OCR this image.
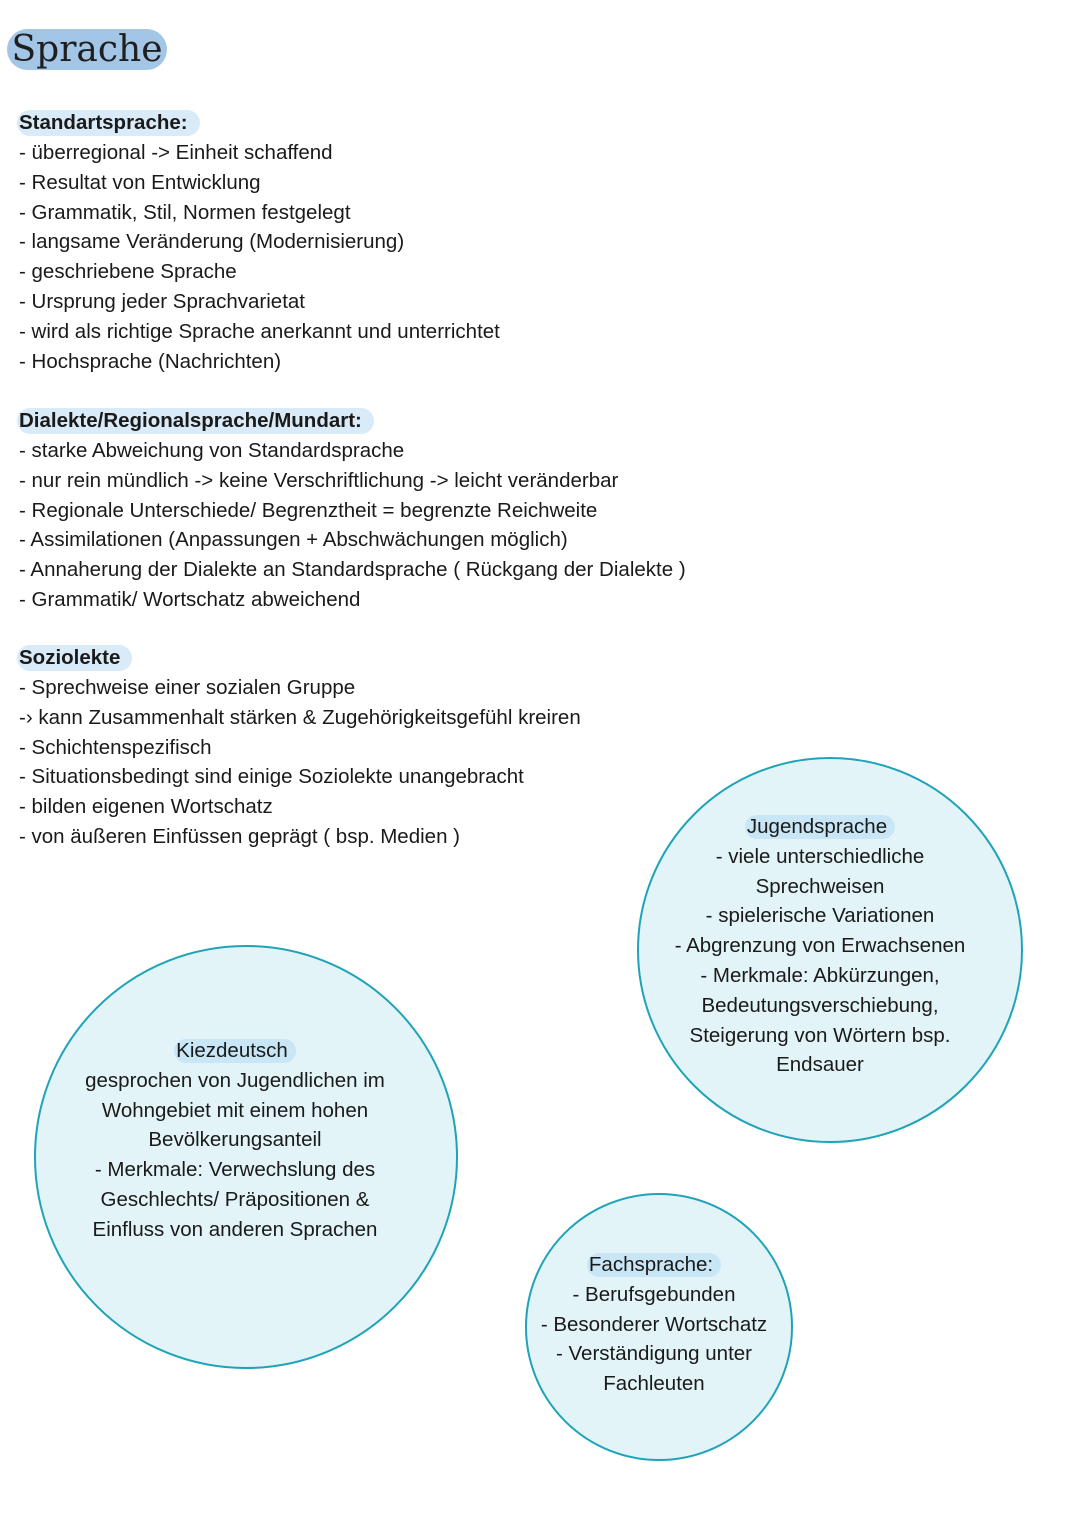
Sprache
Standartsprache:
- überregional -> Einheit schaffend
- Resultat von Entwicklung
- Grammatik, Stil, Normen festgelegt
- langsame Veränderung (Modernisierung)
- geschriebene Sprache
- Ursprung jeder Sprachvarietat
- wird als richtige Sprache anerkannt und unterrichtet
- Hochsprache (Nachrichten)
Dialekte/Regionalsprache/Mundart:
- starke Abweichung von Standardsprache
- nur rein mündlich -> keine Verschriftlichung -> leicht veränderbar
- Regionale Unterschiede/ Begrenztheit = begrenzte Reichweite
- Assimilationen (Anpassungen + Abschwächungen möglich)
- Annaherung der Dialekte an Standardsprache ( Rückgang der Dialekte )
- Grammatik/ Wortschatz abweichend
Soziolekte
- Sprechweise einer sozialen Gruppe
-› kann Zusammenhalt stärken & Zugehörigkeitsgefühl kreiren
- Schichtenspezifisch
- Situationsbedingt sind einige Soziolekte unangebracht
- bilden eigenen Wortschatz
- von äußeren Einfüssen geprägt ( bsp. Medien )	Jugendsprache
- viele unterschiedliche
Sprechweisen
- spielerische Variationen
- Abgrenzung von Erwachsenen
- Merkmale: Abkürzungen,
Bedeutungsverschiebung,
Steigerung von Wörtern bsp.
Endsauer
Kiezdeutsch
gesprochen von Jugendlichen im
Wohngebiet mit einem hohen
Bevölkerungsanteil
- Merkmale: Verwechslung des
Geschlechts/ Präpositionen &
Einfluss von anderen Sprachen
Fachsprache:
- Berufsgebunden
- Besonderer Wortschatz
- Verständigung unter
Fachleuten
